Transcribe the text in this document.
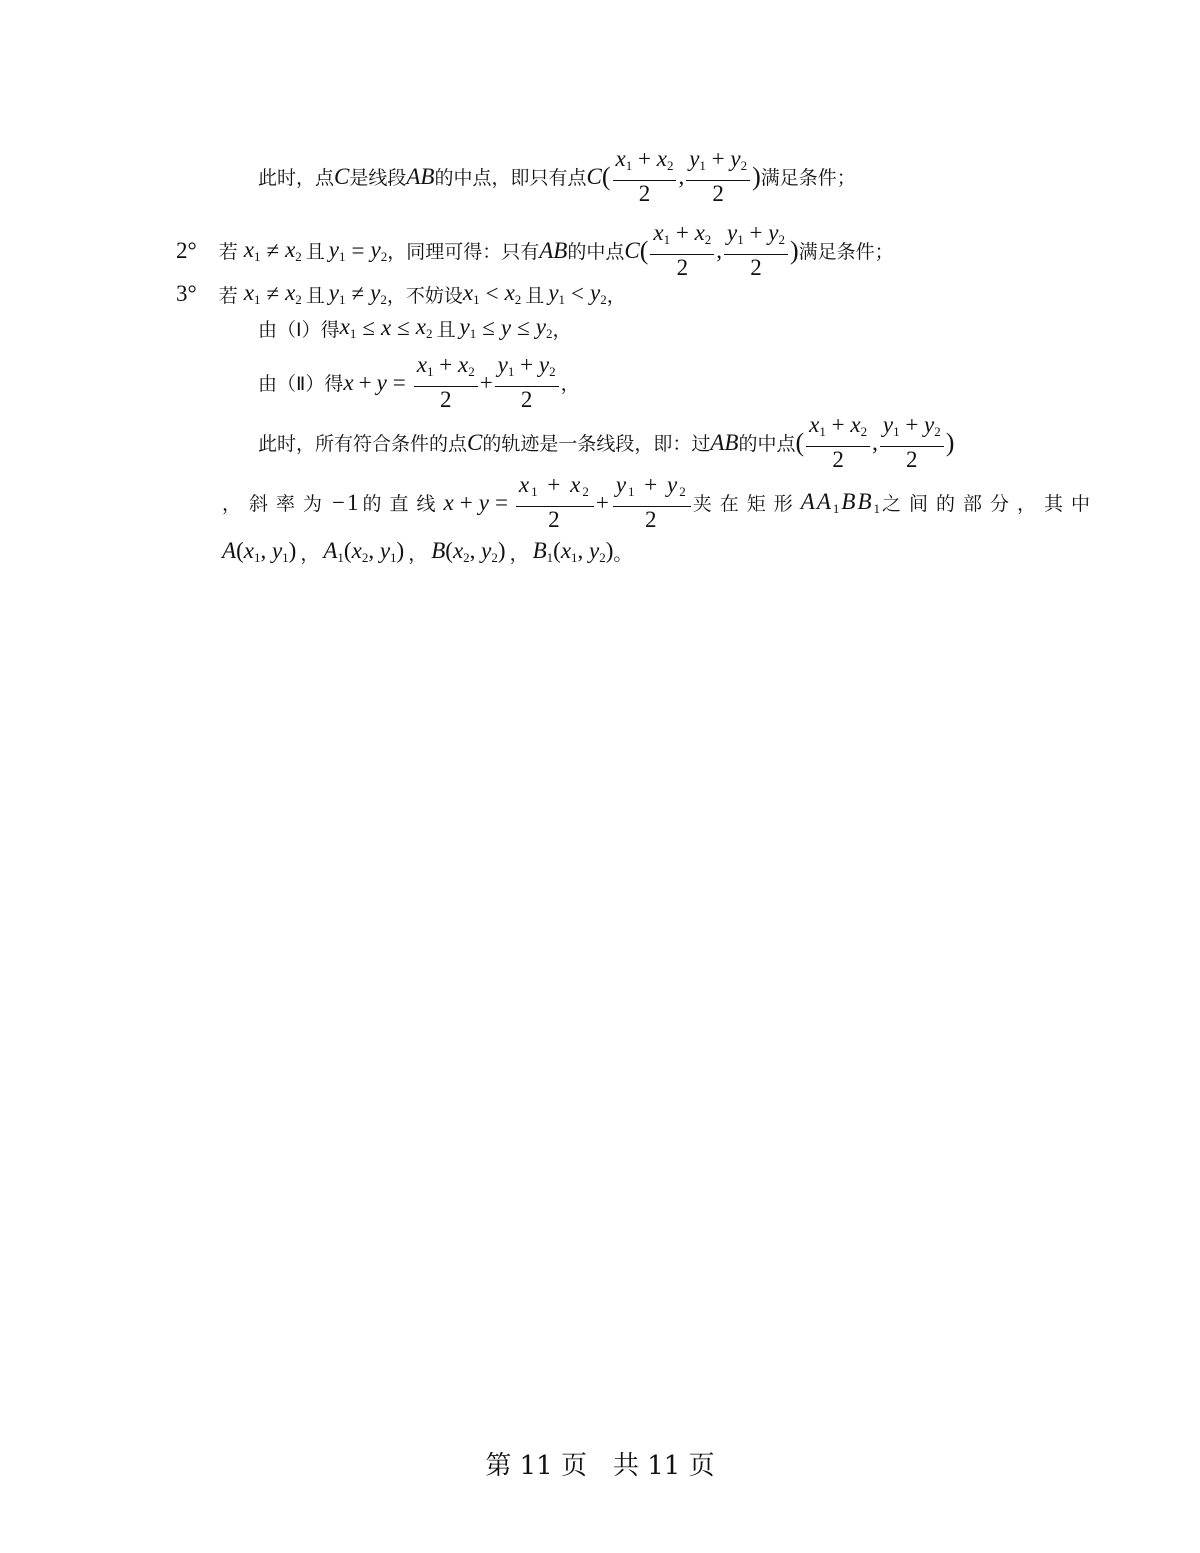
此时，点 C 是线段 AB 的中点，即只有点 C ( $\frac{x_1 + x_2}{2}$ , $\frac{y_1 + y_2}{2}$ ) 满足条件；
2° 若 $x_1 \ne x_2$ 且 $y_1 = y_2$ ，同理可得：只有 AB 的中点 C ( $\frac{x_1 + x_2}{2}$ , $\frac{y_1 + y_2}{2}$ ) 满足条件；
3° 若 $x_1 \ne x_2$ 且 $y_1 \ne y_2$ ，不妨设 $x_1 < x_2$ 且 $y_1 < y_2$ ，
由（Ⅰ）得 $x_1 \le x \le x_2$ 且 $y_1 \le y \le y_2$ ，
由（Ⅱ）得 $x + y = \frac{x_1 + x_2}{2} + \frac{y_1 + y_2}{2}$ ，
此时，所有符合条件的点 C 的轨迹是一条线段，即：过 AB 的中点 ( $\frac{x_1 + x_2}{2}$ , $\frac{y_1 + y_2}{2}$ )
，斜率为 −1 的直线 $x + y = \frac{x_1 + x_2}{2} + \frac{y_1 + y_2}{2}$ 夹在矩形 $AA_1BB_1$ 之间的部分，其中
$A(x_1$, $y_1$) ， $A_1(x_2$, $y_1$) ， $B(x_2$, $y_2$) ， $B_1(x_1$, $y_2$) 。
第 11 页　共 11 页
